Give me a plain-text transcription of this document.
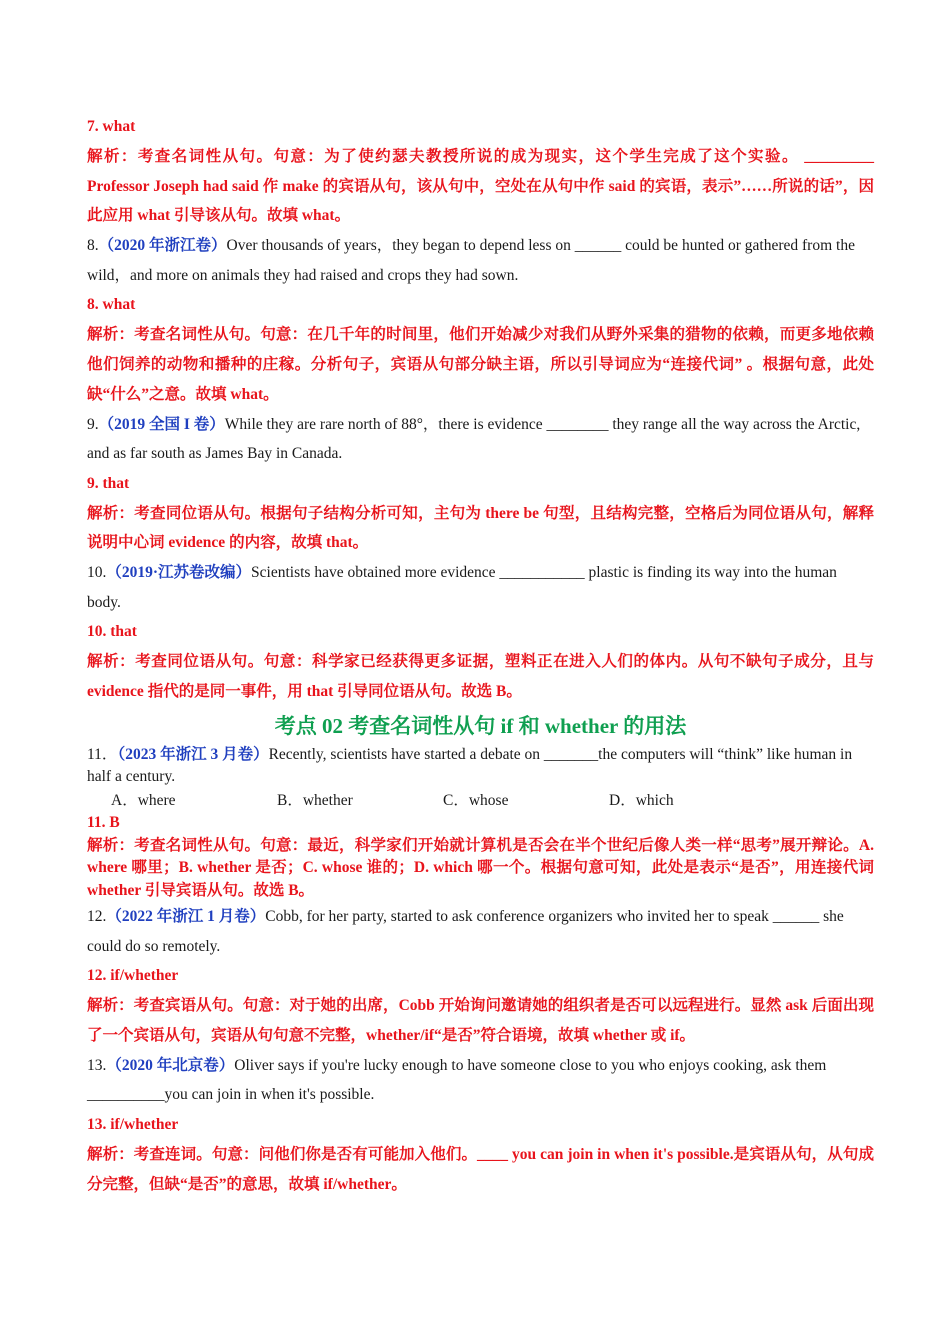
7. what
解析：考查名词性从句。句意：为了使约瑟夫教授所说的成为现实，这个学生完成了这个实验。 _________ Professor Joseph had said 作 make 的宾语从句，该从句中，空处在从句中作 said 的宾语，表示”……所说的话”，因此应用 what 引导该从句。故填 what。
8.（2020 年浙江卷）Over thousands of years，they began to depend less on ______ could be hunted or gathered from the wild，and more on animals they had raised and crops they had sown.
8. what
解析：考查名词性从句。句意：在几千年的时间里，他们开始减少对我们从野外采集的猎物的依赖，而更多地依赖他们饲养的动物和播种的庄稼。分析句子，宾语从句部分缺主语，所以引导词应为“连接代词” 。根据句意，此处缺“什么”之意。故填 what。
9.（2019 全国 I 卷）While they are rare north of 88°，there is evidence ________ they range all the way across the Arctic, and as far south as James Bay in Canada.
9. that
解析：考查同位语从句。根据句子结构分析可知，主句为 there be 句型，且结构完整，空格后为同位语从句，解释说明中心词 evidence 的内容，故填 that。
10.（2019·江苏卷改编）Scientists have obtained more evidence ___________ plastic is finding its way into the human body.
10. that
解析：考查同位语从句。句意：科学家已经获得更多证据，塑料正在进入人们的体内。从句不缺句子成分，且与 evidence 指代的是同一事件，用 that 引导同位语从句。故选 B。
考点 02 考查名词性从句 if 和 whether 的用法
11．（2023 年浙江 3 月卷）Recently, scientists have started a debate on _______the computers will “think” like human in half a century.
A．where	B．whether	C．whose	D．which
11. B
解析：考查名词性从句。句意：最近，科学家们开始就计算机是否会在半个世纪后像人类一样“思考”展开辩论。A. where 哪里；B. whether 是否；C. whose 谁的；D. which 哪一个。根据句意可知，此处是表示“是否”，用连接代词 whether 引导宾语从句。故选 B。
12.（2022 年浙江 1 月卷）Cobb, for her party, started to ask conference organizers who invited her to speak ______ she could do so remotely.
12. if/whether
解析：考查宾语从句。句意：对于她的出席，Cobb 开始询问邀请她的组织者是否可以远程进行。显然 ask 后面出现了一个宾语从句，宾语从句句意不完整，whether/if“是否”符合语境，故填 whether 或 if。
13.（2020 年北京卷）Oliver says if you're lucky enough to have someone close to you who enjoys cooking, ask them __________you can join in when it's possible.
13. if/whether
解析：考查连词。句意：问他们你是否有可能加入他们。____ you can join in when it's possible.是宾语从句，从句成分完整，但缺“是否”的意思，故填 if/whether。
